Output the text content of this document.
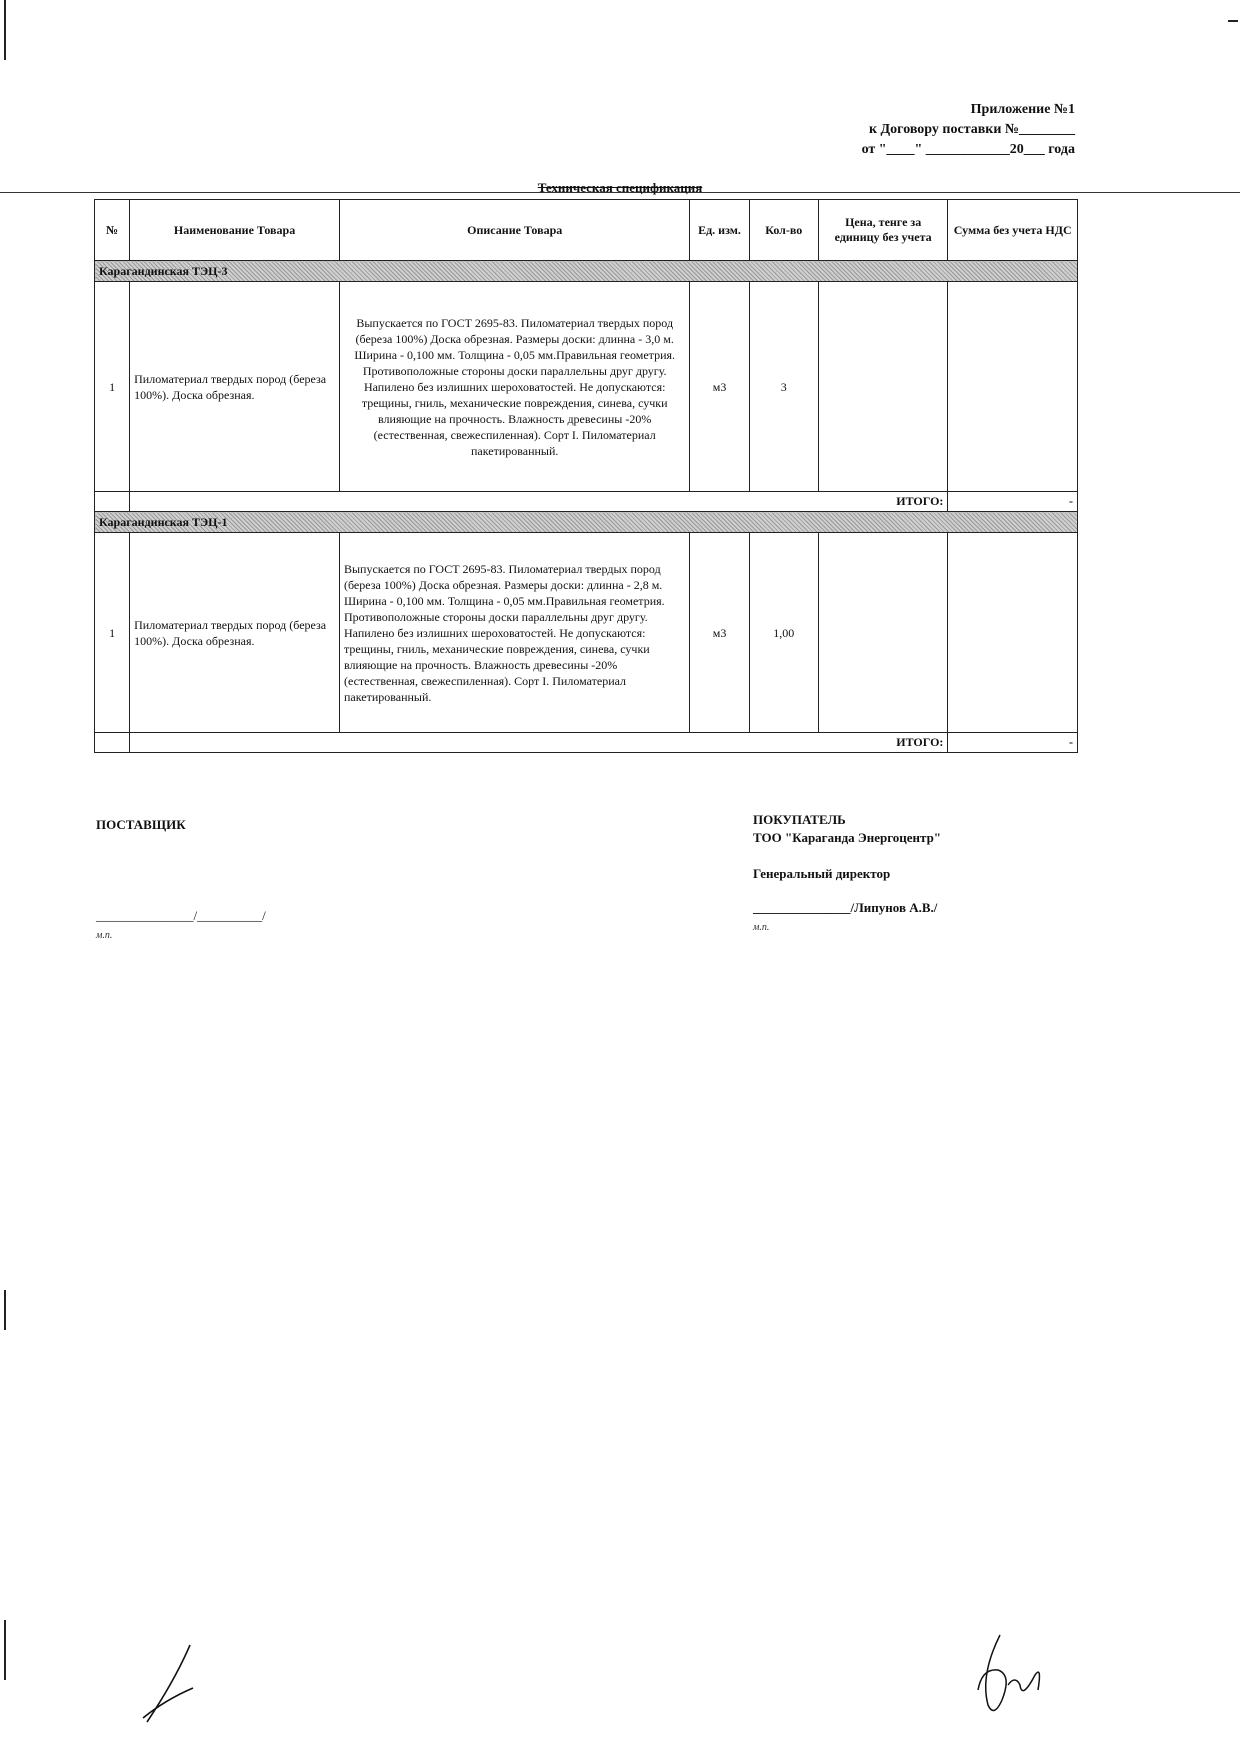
Приложение №1
к Договору поставки №________
от "____" ____________20___ года
Техническая спецификация
№	Наименование Товара	Описание Товара	Ед. изм.	Кол-во	Цена, тенге за единицу без учета	Сумма без учета НДС
Карагандинская ТЭЦ-3						
1	Пиломатериал твердых пород (береза 100%). Доска обрезная.	Выпускается по ГОСТ 2695-83. Пиломатериал твердых пород (береза 100%) Доска обрезная. Размеры доски: длинна - 3,0 м. Ширина - 0,100 мм. Толщина - 0,05 мм.Правильная геометрия. Противоположные стороны доски параллельны друг другу. Напилено без излишних шероховатостей. Не допускаются: трещины, гниль, механические повреждения, синева, сучки влияющие на прочность. Влажность древесины -20% (естественная, свежеспиленная). Сорт I. Пиломатериал пакетированный.	м3	3		
	ИТОГО:					-
Карагандинская ТЭЦ-1						
1	Пиломатериал твердых пород (береза 100%). Доска обрезная.	Выпускается по ГОСТ 2695-83. Пиломатериал твердых пород (береза 100%) Доска обрезная. Размеры доски: длинна - 2,8 м. Ширина - 0,100 мм. Толщина - 0,05 мм.Правильная геометрия. Противоположные стороны доски параллельны друг другу. Напилено без излишних шероховатостей. Не допускаются: трещины, гниль, механические повреждения, синева, сучки влияющие на прочность. Влажность древесины -20% (естественная, свежеспиленная). Сорт I. Пиломатериал пакетированный.	м3	1,00		
	ИТОГО:					-
ПОСТАВЩИК
_______________/__________/
м.п.
ПОКУПАТЕЛЬ
ТОО "Карагандa Энергоцентр"
Генеральный директор
_______________/Липунов А.В./
м.п.
